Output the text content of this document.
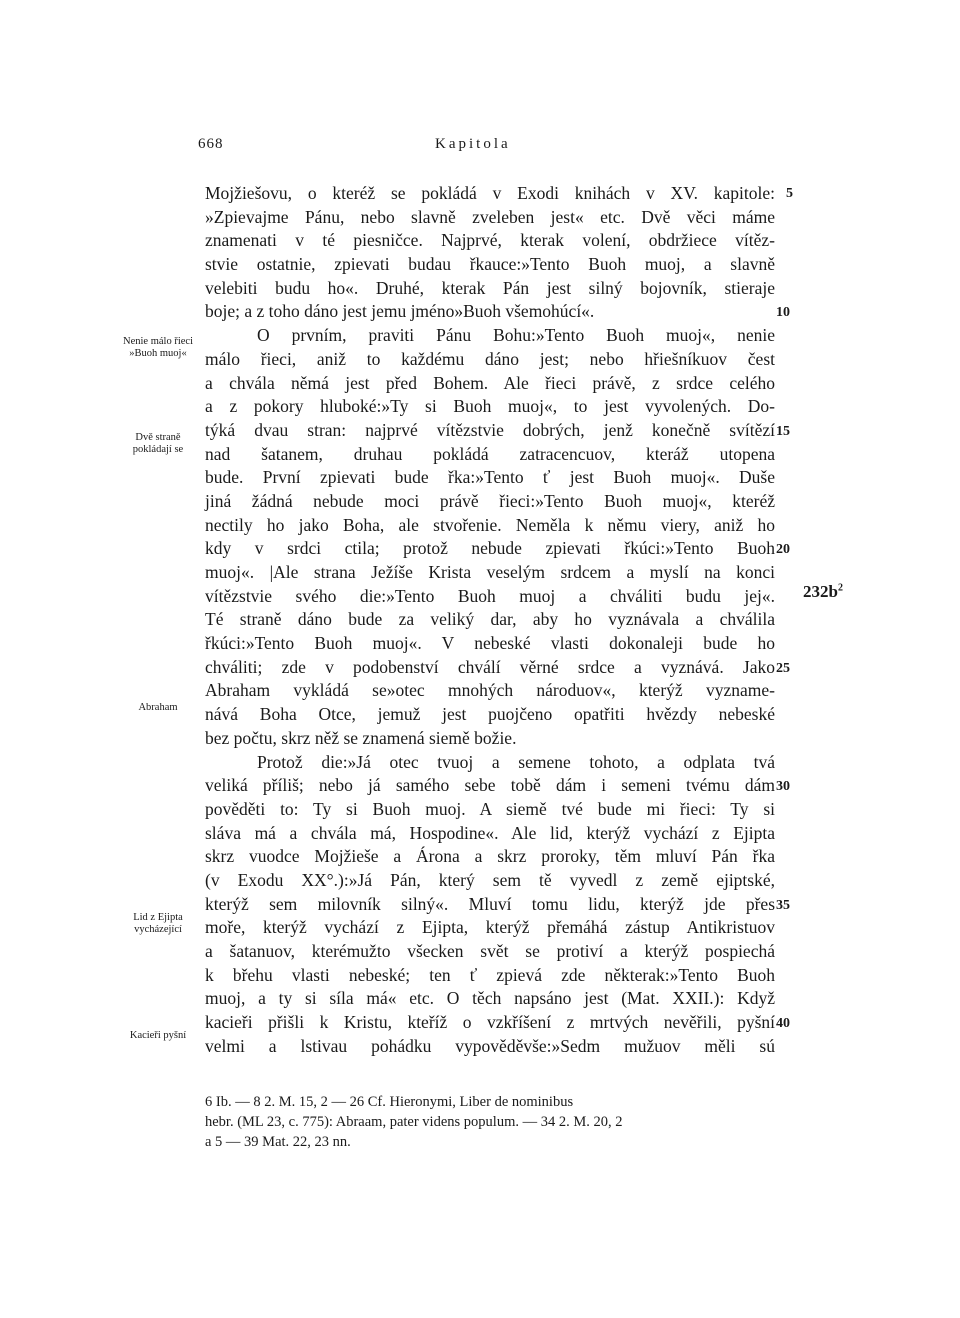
668	Kapitola
Mojžiešovu, o kteréž se pokládá v Exodi knihách v XV. kapitole:
»Zpievajme Pánu, nebo slavně zveleben jest« etc. Dvě věci máme
znamenati v té piesničce. Najprvé, kterak volení, obdržiece vítěz-
stvie ostatnie, zpievati budau řkauce:»Tento Buoh muoj, a slavně
velebiti budu ho«. Druhé, kterak Pán jest silný bojovník, stieraje
boje; a z toho dáno jest jemu jméno»Buoh všemohúcí«.
O prvním, praviti Pánu Bohu:»Tento Buoh muoj«, nenie
málo řieci, aniž to každému dáno jest; nebo hřiešníkuov čest
a chvála němá jest před Bohem. Ale řieci právě, z srdce celého
a z pokory hluboké:»Ty si Buoh muoj«, to jest vyvolených. Do-
týká dvau stran: najprvé vítězstvie dobrých, jenž konečně svítězí
nad šatanem, druhau pokládá zatracencuov, kteráž utopena
bude. První zpievati bude řka:»Tento ť jest Buoh muoj«. Duše
jiná žádná nebude moci právě řieci:»Tento Buoh muoj«, kteréž
nectily ho jako Boha, ale stvořenie. Neměla k němu viery, aniž ho
kdy v srdci ctila; protož nebude zpievati řkúci:»Tento Buoh
muoj«. |Ale strana Ježíše Krista veselým srdcem a myslí na konci
vítězstvie svého die:»Tento Buoh muoj a chváliti budu jej«.
Té straně dáno bude za veliký dar, aby ho vyznávala a chválila
řkúci:»Tento Buoh muoj«. V nebeské vlasti dokonaleji bude ho
chváliti; zde v podobenství chválí věrné srdce a vyznává. Jako
Abraham vykládá se»otec mnohých národuov«, kterýž vyzname-
nává Boha Otce, jemuž jest puojčeno opatřiti hvězdy nebeské
bez počtu, skrz něž se znamená siemě božie.
Protož die:»Já otec tvuoj a semene tohoto, a odplata tvá
veliká příliš; nebo já samého sebe tobě dám i semeni tvému dám
pověděti to: Ty si Buoh muoj. A siemě tvé bude mi řieci: Ty si
sláva má a chvála má, Hospodine«. Ale lid, kterýž vychází z Ejipta
skrz vuodce Mojžieše a Árona a skrz proroky, těm mluví Pán řka
(v Exodu XX°.):»Já Pán, který sem tě vyvedl z země ejiptské,
kterýž sem milovník silný«. Mluví tomu lidu, kterýž jde přes
moře, kterýž vychází z Ejipta, kterýž přemáhá zástup Antikristuov
a šatanuov, kterémužto všecken svět se protiví a kterýž pospiechá
k břehu vlasti nebeské; ten ť zpievá zde některak:»Tento Buoh
muoj, a ty si síla má« etc. O těch napsáno jest (Mat. XXII.): Když
kacieři přišli k Kristu, kteříž o vzkříšení z mrtvých nevěřili, pyšní
velmi a lstivau pohádku vypověděvše:»Sedm mužuov měli sú
5
10
15
20
25
30
35
40
Nenie málo řieci »Buoh muoj«
Dvě straně pokládají se
Abraham
Lid z Ejipta vycházející
Kacieři pyšní
$232b^2$
6 Ib. — 8 2. M. 15, 2 — 26 Cf. Hieronymi, Liber de nominibus
hebr. (ML 23, c. 775): Abraam, pater videns populum. — 34 2. M. 20, 2
a 5 — 39 Mat. 22, 23 nn.
